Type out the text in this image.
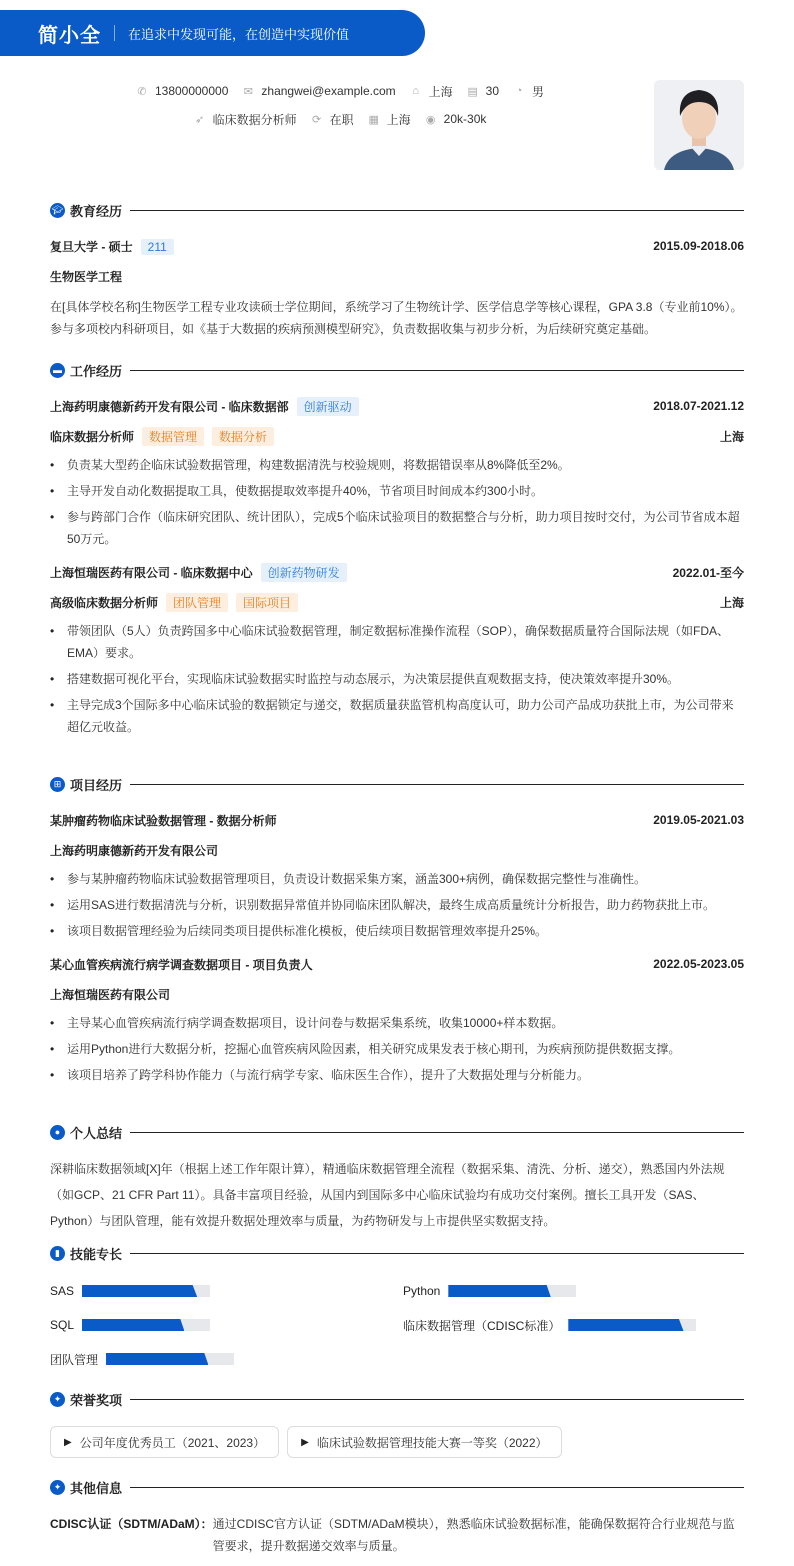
简小全 在追求中发现可能，在创造中实现价值
✆ 13800000000 ✉ zhangwei@example.com ⌂ 上海 ▤ 30 ◔ 男
➶ 临床数据分析师 ⟳ 在职 ▦ 上海 ◉ 20k-30k
🎓︎ 教育经历
复旦大学 - 硕士 211	2015.09-2018.06
生物医学工程
在[具体学校名称]生物医学工程专业攻读硕士学位期间，系统学习了生物统计学、医学信息学等核心课程，GPA 3.8（专业前10%）。参与多项校内科研项目，如《基于大数据的疾病预测模型研究》，负责数据收集与初步分析，为后续研究奠定基础。
▬ 工作经历
上海药明康德新药开发有限公司 - 临床数据部 创新驱动	2018.07-2021.12
临床数据分析师 数据管理 数据分析	上海
• 负责某大型药企临床试验数据管理，构建数据清洗与校验规则，将数据错误率从8%降低至2%。
• 主导开发自动化数据提取工具，使数据提取效率提升40%，节省项目时间成本约300小时。
• 参与跨部门合作（临床研究团队、统计团队），完成5个临床试验项目的数据整合与分析，助力项目按时交付，为公司节省成本超50万元。
上海恒瑞医药有限公司 - 临床数据中心 创新药物研发	2022.01-至今
高级临床数据分析师 团队管理 国际项目	上海
• 带领团队（5人）负责跨国多中心临床试验数据管理，制定数据标准操作流程（SOP），确保数据质量符合国际法规（如FDA、EMA）要求。
• 搭建数据可视化平台，实现临床试验数据实时监控与动态展示，为决策层提供直观数据支持，使决策效率提升30%。
• 主导完成3个国际多中心临床试验的数据锁定与递交，数据质量获监管机构高度认可，助力公司产品成功获批上市，为公司带来超亿元收益。
⊞ 项目经历
某肿瘤药物临床试验数据管理 - 数据分析师	2019.05-2021.03
上海药明康德新药开发有限公司
• 参与某肿瘤药物临床试验数据管理项目，负责设计数据采集方案，涵盖300+病例，确保数据完整性与准确性。
• 运用SAS进行数据清洗与分析，识别数据异常值并协同临床团队解决，最终生成高质量统计分析报告，助力药物获批上市。
• 该项目数据管理经验为后续同类项目提供标准化模板，使后续项目数据管理效率提升25%。
某心血管疾病流行病学调查数据项目 - 项目负责人	2022.05-2023.05
上海恒瑞医药有限公司
• 主导某心血管疾病流行病学调查数据项目，设计问卷与数据采集系统，收集10000+样本数据。
• 运用Python进行大数据分析，挖掘心血管疾病风险因素，相关研究成果发表于核心期刊，为疾病预防提供数据支撑。
• 该项目培养了跨学科协作能力（与流行病学专家、临床医生合作），提升了大数据处理与分析能力。
● 个人总结
深耕临床数据领域[X]年（根据上述工作年限计算），精通临床数据管理全流程（数据采集、清洗、分析、递交），熟悉国内外法规（如GCP、21 CFR Part 11）。具备丰富项目经验，从国内到国际多中心临床试验均有成功交付案例。擅长工具开发（SAS、Python）与团队管理，能有效提升数据处理效率与质量，为药物研发与上市提供坚实数据支持。
▮ 技能专长
SAS	Python
SQL	临床数据管理（CDISC标准）
团队管理
✦ 荣誉奖项
▶ 公司年度优秀员工（2021、2023）	▶ 临床试验数据管理技能大赛一等奖（2022）
✦ 其他信息
CDISC认证（SDTM/ADaM）： 通过CDISC官方认证（SDTM/ADaM模块），熟悉临床试验数据标准，能确保数据符合行业规范与监管要求，提升数据递交效率与质量。
